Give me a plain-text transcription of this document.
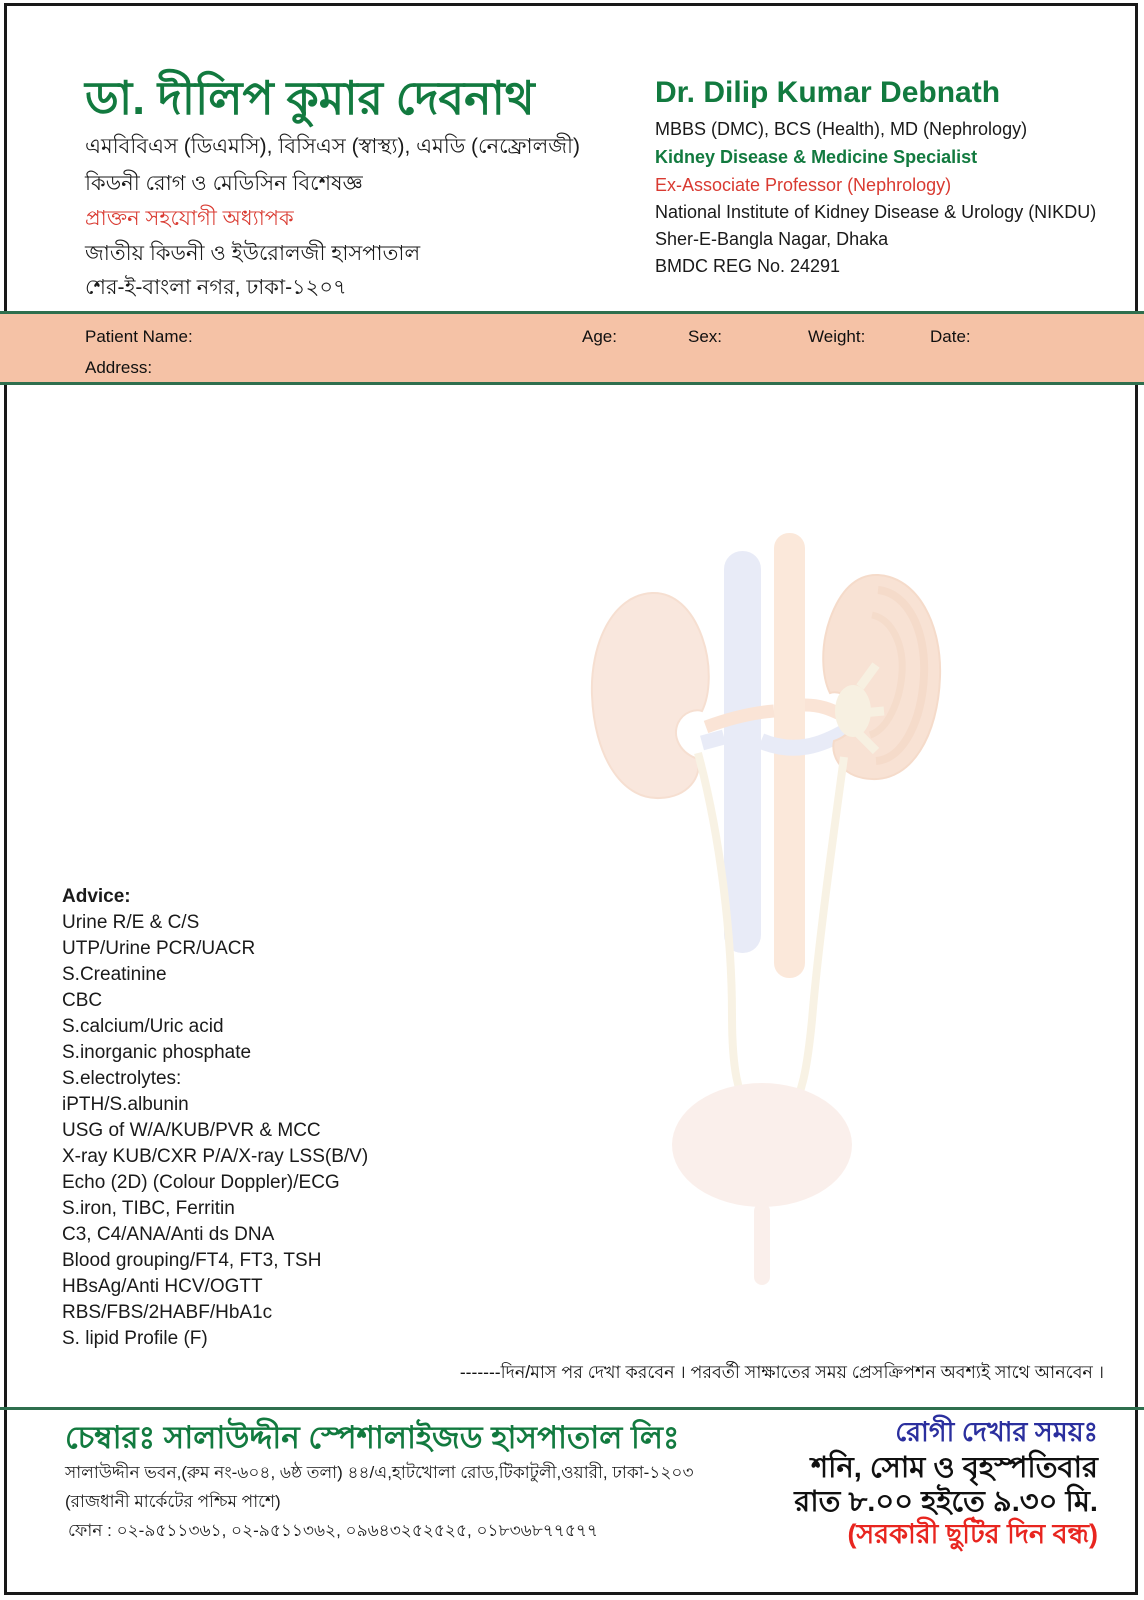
ডা. দীলিপ কুমার দেবনাথ
এমবিবিএস (ডিএমসি), বিসিএস (স্বাস্থ্য), এমডি (নেফ্রোলজী)
কিডনী রোগ ও মেডিসিন বিশেষজ্ঞ
প্রাক্তন সহযোগী অধ্যাপক
জাতীয় কিডনী ও ইউরোলজী হাসপাতাল
শের-ই-বাংলা নগর, ঢাকা-১২০৭
Dr. Dilip Kumar Debnath
MBBS (DMC), BCS (Health), MD (Nephrology)
Kidney Disease & Medicine Specialist
Ex-Associate Professor (Nephrology)
National Institute of Kidney Disease & Urology (NIKDU)
Sher-E-Bangla Nagar, Dhaka
BMDC REG No. 24291
Patient Name:	Age:	Sex:	Weight:	Date:
Address:
Advice:
Urine R/E & C/S
UTP/Urine PCR/UACR
S.Creatinine
CBC
S.calcium/Uric acid
S.inorganic phosphate
S.electrolytes:
iPTH/S.albunin
USG of W/A/KUB/PVR & MCC
X-ray KUB/CXR P/A/X-ray LSS(B/V)
Echo (2D) (Colour Doppler)/ECG
S.iron, TIBC, Ferritin
C3, C4/ANA/Anti ds DNA
Blood grouping/FT4, FT3, TSH
HBsAg/Anti HCV/OGTT
RBS/FBS/2HABF/HbA1c
S. lipid Profile (F)
-------দিন/মাস পর দেখা করবেন । পরবর্তী সাক্ষাতের সময় প্রেসক্রিপশন অবশ্যই সাথে আনবেন ।
চেম্বারঃ সালাউদ্দীন স্পেশালাইজড হাসপাতাল লিঃ
সালাউদ্দীন ভবন,(রুম নং-৬০৪, ৬ষ্ঠ তলা) ৪৪/এ,হাটখোলা রোড,টিকাটুলী,ওয়ারী, ঢাকা-১২০৩
(রাজধানী মার্কেটের পশ্চিম পাশে)
ফোন : ০২-৯৫১১৩৬১, ০২-৯৫১১৩৬২, ০৯৬৪৩২৫২৫২৫, ০১৮৩৬৮৭৭৫৭৭
রোগী দেখার সময়ঃ
শনি, সোম ও বৃহস্পতিবার
রাত ৮.০০ হইতে ৯.৩০ মি.
(সরকারী ছুটির দিন বন্ধ)
